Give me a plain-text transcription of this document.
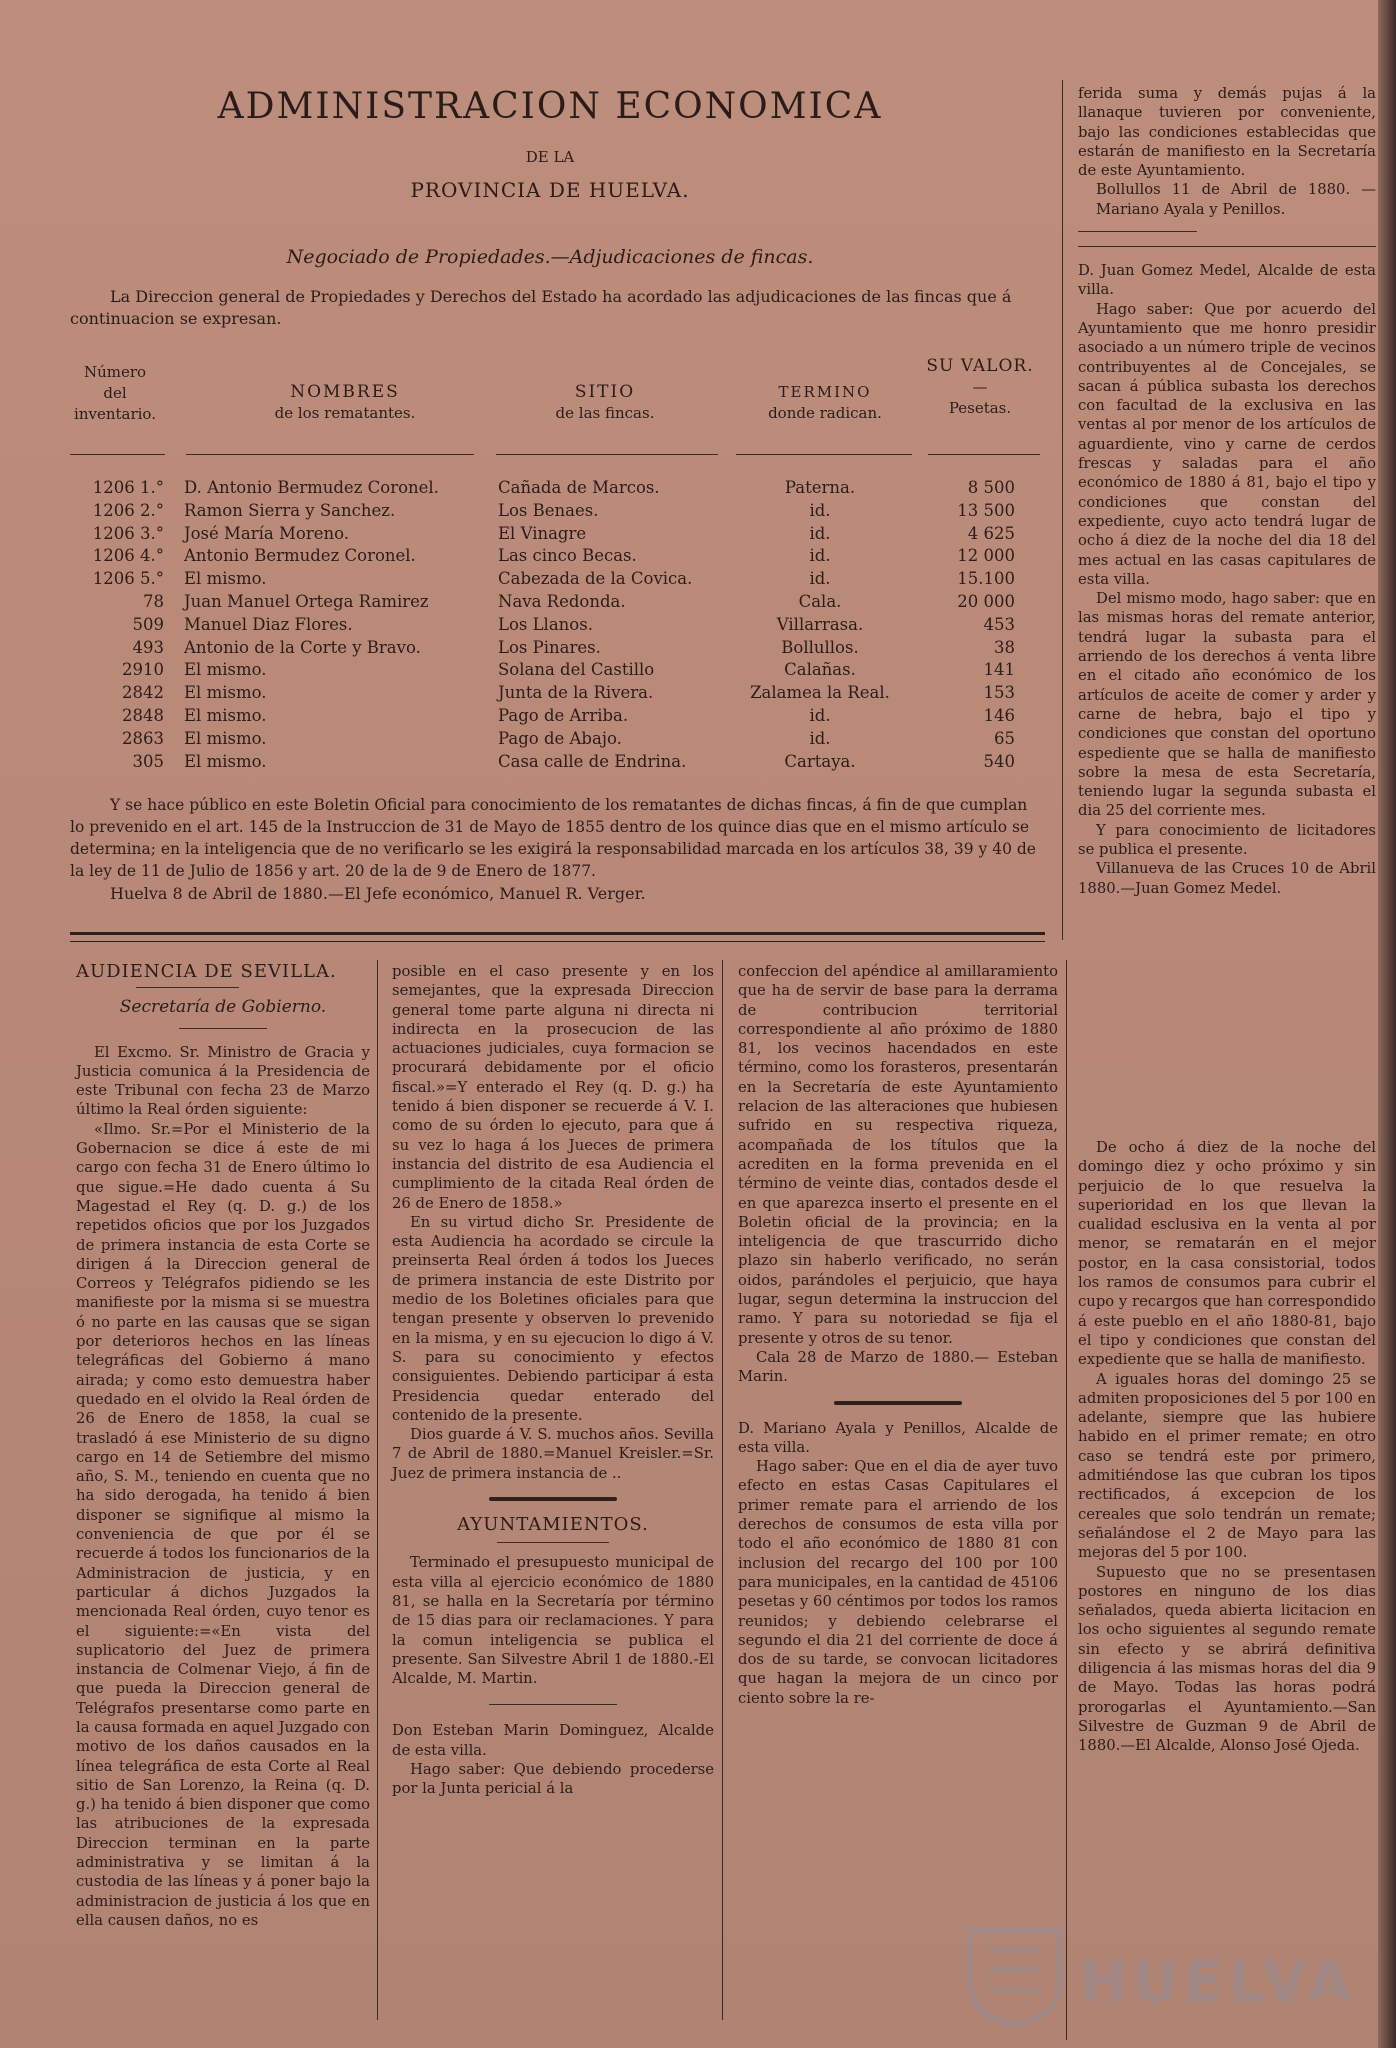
ADMINISTRACION ECONOMICA
DE LA
PROVINCIA DE HUELVA.
Negociado de Propiedades.—Adjudicaciones de fincas.
La Direccion general de Propiedades y Derechos del Estado ha acordado las adjudicaciones de las fincas que á continuacion se expresan.
Número
del
inventario.
NOMBRES
de los rematantes.
SITIO
de las fincas.
TERMINO
donde radican.
SU VALOR.
—
Pesetas.
1206 1.° D. Antonio Bermudez Coronel.	Cañada de Marcos.	Paterna.	8 500
1206 2.° Ramon Sierra y Sanchez.	Los Benaes.	id.	13 500
1206 3.° José María Moreno.	El Vinagre	id.	4 625
1206 4.° Antonio Bermudez Coronel.	Las cinco Becas.	id.	12 000
1206 5.° El mismo.	Cabezada de la Covica.	id.	15.100
78 Juan Manuel Ortega Ramirez	Nava Redonda.	Cala.	20 000
509 Manuel Diaz Flores.	Los Llanos.	Villarrasa.	453
493 Antonio de la Corte y Bravo.	Los Pinares.	Bollullos.	38
2910 El mismo.	Solana del Castillo	Calañas.	141
2842 El mismo.	Junta de la Rivera.	Zalamea la Real.	153
2848 El mismo.	Pago de Arriba.	id.	146
2863 El mismo.	Pago de Abajo.	id.	65
305 El mismo.	Casa calle de Endrina.	Cartaya.	540
Y se hace público en este Boletin Oficial para conocimiento de los rematantes de dichas fincas, á fin de que cumplan lo prevenido en el art. 145 de la Instruccion de 31 de Mayo de 1855 dentro de los quince dias que en el mismo artículo se determina; en la inteligencia que de no verificarlo se les exigirá la responsabilidad marcada en los artículos 38, 39 y 40 de la ley de 11 de Julio de 1856 y art. 20 de la de 9 de Enero de 1877.
Huelva 8 de Abril de 1880.—El Jefe económico, Manuel R. Verger.

ferida suma y demás pujas á la llanaque tuvieren por conveniente, bajo las condiciones establecidas que estarán de manifiesto en la Secretaría de este Ayuntamiento.

Bollullos 11 de Abril de 1880. —Mariano Ayala y Penillos.

D. Juan Gomez Medel, Alcalde de esta villa.

Hago saber: Que por acuerdo del Ayuntamiento que me honro presidir asociado a un número triple de vecinos contribuyentes al de Concejales, se sacan á pública subasta los derechos con facultad de la exclusiva en las ventas al por menor de los artículos de aguardiente, vino y carne de cerdos frescas y saladas para el año económico de 1880 á 81, bajo el tipo y condiciones que constan del expediente, cuyo acto tendrá lugar de ocho á diez de la noche del dia 18 del mes actual en las casas capitulares de esta villa.

Del mismo modo, hago saber: que en las mismas horas del remate anterior, tendrá lugar la subasta para el arriendo de los derechos á venta libre en el citado año económico de los artículos de aceite de comer y arder y carne de hebra, bajo el tipo y condiciones que constan del oportuno espediente que se halla de manifiesto sobre la mesa de esta Secretaría, teniendo lugar la segunda subasta el dia 25 del corriente mes.

Y para conocimiento de licitadores se publica el presente.

Villanueva de las Cruces 10 de Abril 1880.—Juan Gomez Medel.

AUDIENCIA DE SEVILLA.

Secretaría de Gobierno.

El Excmo. Sr. Ministro de Gracia y Justicia comunica á la Presidencia de este Tribunal con fecha 23 de Marzo último la Real órden siguiente:

«Ilmo. Sr.=Por el Ministerio de la Gobernacion se dice á este de mi cargo con fecha 31 de Enero último lo que sigue.=He dado cuenta á Su Magestad el Rey (q. D. g.) de los repetidos oficios que por los Juzgados de primera instancia de esta Corte se dirigen á la Direccion general de Correos y Telégrafos pidiendo se les manifieste por la misma si se muestra ó no parte en las causas que se sigan por deterioros hechos en las líneas telegráficas del Gobierno á mano airada; y como esto demuestra haber quedado en el olvido la Real órden de 26 de Enero de 1858, la cual se trasladó á ese Ministerio de su digno cargo en 14 de Setiembre del mismo año, S. M., teniendo en cuenta que no ha sido derogada, ha tenido á bien disponer se signifique al mismo la conveniencia de que por él se recuerde á todos los funcionarios de la Administracion de justicia, y en particular á dichos Juzgados la mencionada Real órden, cuyo tenor es el siguiente:=«En vista del suplicatorio del Juez de primera instancia de Colmenar Viejo, á fin de que pueda la Direccion general de Telégrafos presentarse como parte en la causa formada en aquel Juzgado con motivo de los daños causados en la línea telegráfica de esta Corte al Real sitio de San Lorenzo, la Reina (q. D. g.) ha tenido á bien disponer que como las atribuciones de la expresada Direccion terminan en la parte administrativa y se limitan á la custodia de las líneas y á poner bajo la administracion de justicia á los que en ella causen daños, no es

posible en el caso presente y en los semejantes, que la expresada Direccion general tome parte alguna ni directa ni indirecta en la prosecucion de las actuaciones judiciales, cuya formacion se procurará debidamente por el oficio fiscal.»=Y enterado el Rey (q. D. g.) ha tenido á bien disponer se recuerde á V. I. como de su órden lo ejecuto, para que á su vez lo haga á los Jueces de primera instancia del distrito de esa Audiencia el cumplimiento de la citada Real órden de 26 de Enero de 1858.»

En su virtud dicho Sr. Presidente de esta Audiencia ha acordado se circule la preinserta Real órden á todos los Jueces de primera instancia de este Distrito por medio de los Boletines oficiales para que tengan presente y observen lo prevenido en la misma, y en su ejecucion lo digo á V. S. para su conocimiento y efectos consiguientes. Debiendo participar á esta Presidencia quedar enterado del contenido de la presente.

Dios guarde á V. S. muchos años. Sevilla 7 de Abril de 1880.=Manuel Kreisler.=Sr. Juez de primera instancia de ..

AYUNTAMIENTOS.

Terminado el presupuesto municipal de esta villa al ejercicio económico de 1880 81, se halla en la Secretaría por término de 15 dias para oir reclamaciones. Y para la comun inteligencia se publica el presente. San Silvestre Abril 1 de 1880.-El Alcalde, M. Martin.

Don Esteban Marin Dominguez, Alcalde de esta villa.

Hago saber: Que debiendo procederse por la Junta pericial á la

confeccion del apéndice al amillaramiento que ha de servir de base para la derrama de contribucion territorial correspondiente al año próximo de 1880 81, los vecinos hacendados en este término, como los forasteros, presentarán en la Secretaría de este Ayuntamiento relacion de las alteraciones que hubiesen sufrido en su respectiva riqueza, acompañada de los títulos que la acrediten en la forma prevenida en el término de veinte dias, contados desde el en que aparezca inserto el presente en el Boletin oficial de la provincia; en la inteligencia de que trascurrido dicho plazo sin haberlo verificado, no serán oidos, parándoles el perjuicio, que haya lugar, segun determina la instruccion del ramo. Y para su notoriedad se fija el presente y otros de su tenor.

Cala 28 de Marzo de 1880.— Esteban Marin.

D. Mariano Ayala y Penillos, Alcalde de esta villa.

Hago saber: Que en el dia de ayer tuvo efecto en estas Casas Capitulares el primer remate para el arriendo de los derechos de consumos de esta villa por todo el año económico de 1880 81 con inclusion del recargo del 100 por 100 para municipales, en la cantidad de 45106 pesetas y 60 céntimos por todos los ramos reunidos; y debiendo celebrarse el segundo el dia 21 del corriente de doce á dos de su tarde, se convocan licitadores que hagan la mejora de un cinco por ciento sobre la re-

De ocho á diez de la noche del domingo diez y ocho próximo y sin perjuicio de lo que resuelva la superioridad en los que llevan la cualidad esclusiva en la venta al por menor, se rematarán en el mejor postor, en la casa consistorial, todos los ramos de consumos para cubrir el cupo y recargos que han correspondido á este pueblo en el año 1880-81, bajo el tipo y condiciones que constan del expediente que se halla de manifiesto.

A iguales horas del domingo 25 se admiten proposiciones del 5 por 100 en adelante, siempre que las hubiere habido en el primer remate; en otro caso se tendrá este por primero, admitiéndose las que cubran los tipos rectificados, á excepcion de los cereales que solo tendrán un remate; señalándose el 2 de Mayo para las mejoras del 5 por 100.

Supuesto que no se presentasen postores en ninguno de los dias señalados, queda abierta licitacion en los ocho siguientes al segundo remate sin efecto y se abrirá definitiva diligencia á las mismas horas del dia 9 de Mayo. Todas las horas podrá prorogarlas el Ayuntamiento.—San Silvestre de Guzman 9 de Abril de 1880.—El Alcalde, Alonso José Ojeda.

HUELVA
